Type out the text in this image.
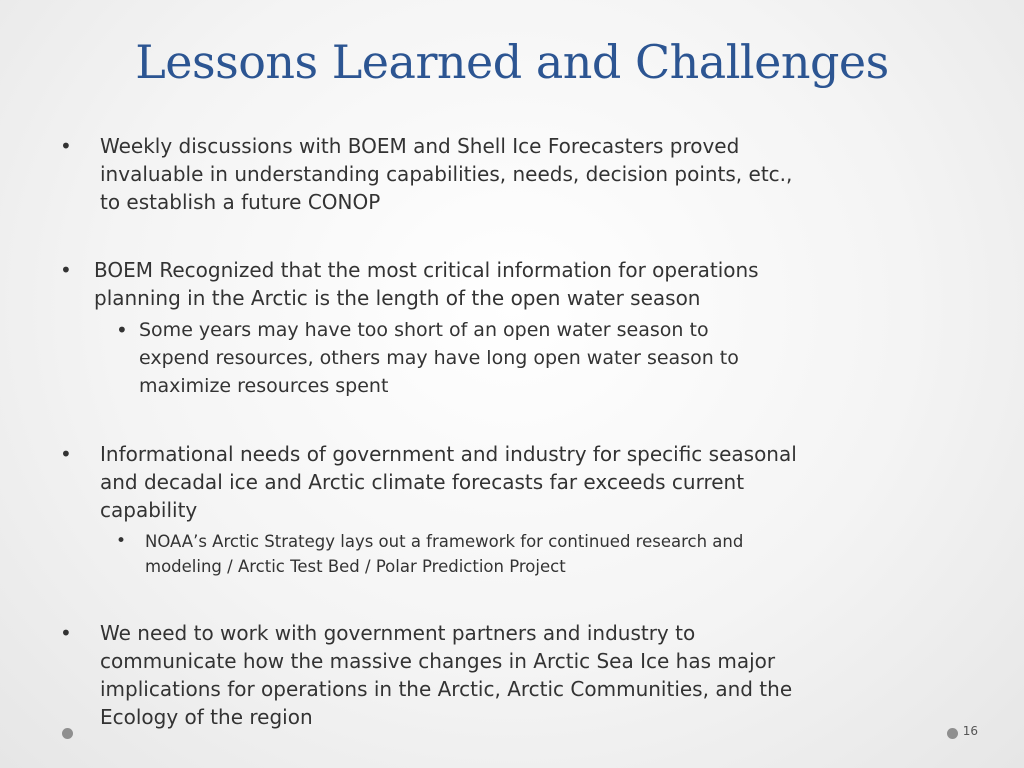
Lessons Learned and Challenges
• Weekly discussions with BOEM and Shell Ice Forecasters proved
invaluable in understanding capabilities, needs, decision points, etc.,
to establish a future CONOP
• BOEM Recognized that the most critical information for operations
planning in the Arctic is the length of the open water season
• Some years may have too short of an open water season to
expend resources, others may have long open water season to
maximize resources spent
• Informational needs of government and industry for specific seasonal
and decadal ice and Arctic climate forecasts far exceeds current
capability
• NOAA’s Arctic Strategy lays out a framework for continued research and
modeling / Arctic Test Bed / Polar Prediction Project
• We need to work with government partners and industry to
communicate how the massive changes in Arctic Sea Ice has major
implications for operations in the Arctic, Arctic Communities, and the
Ecology of the region
16
